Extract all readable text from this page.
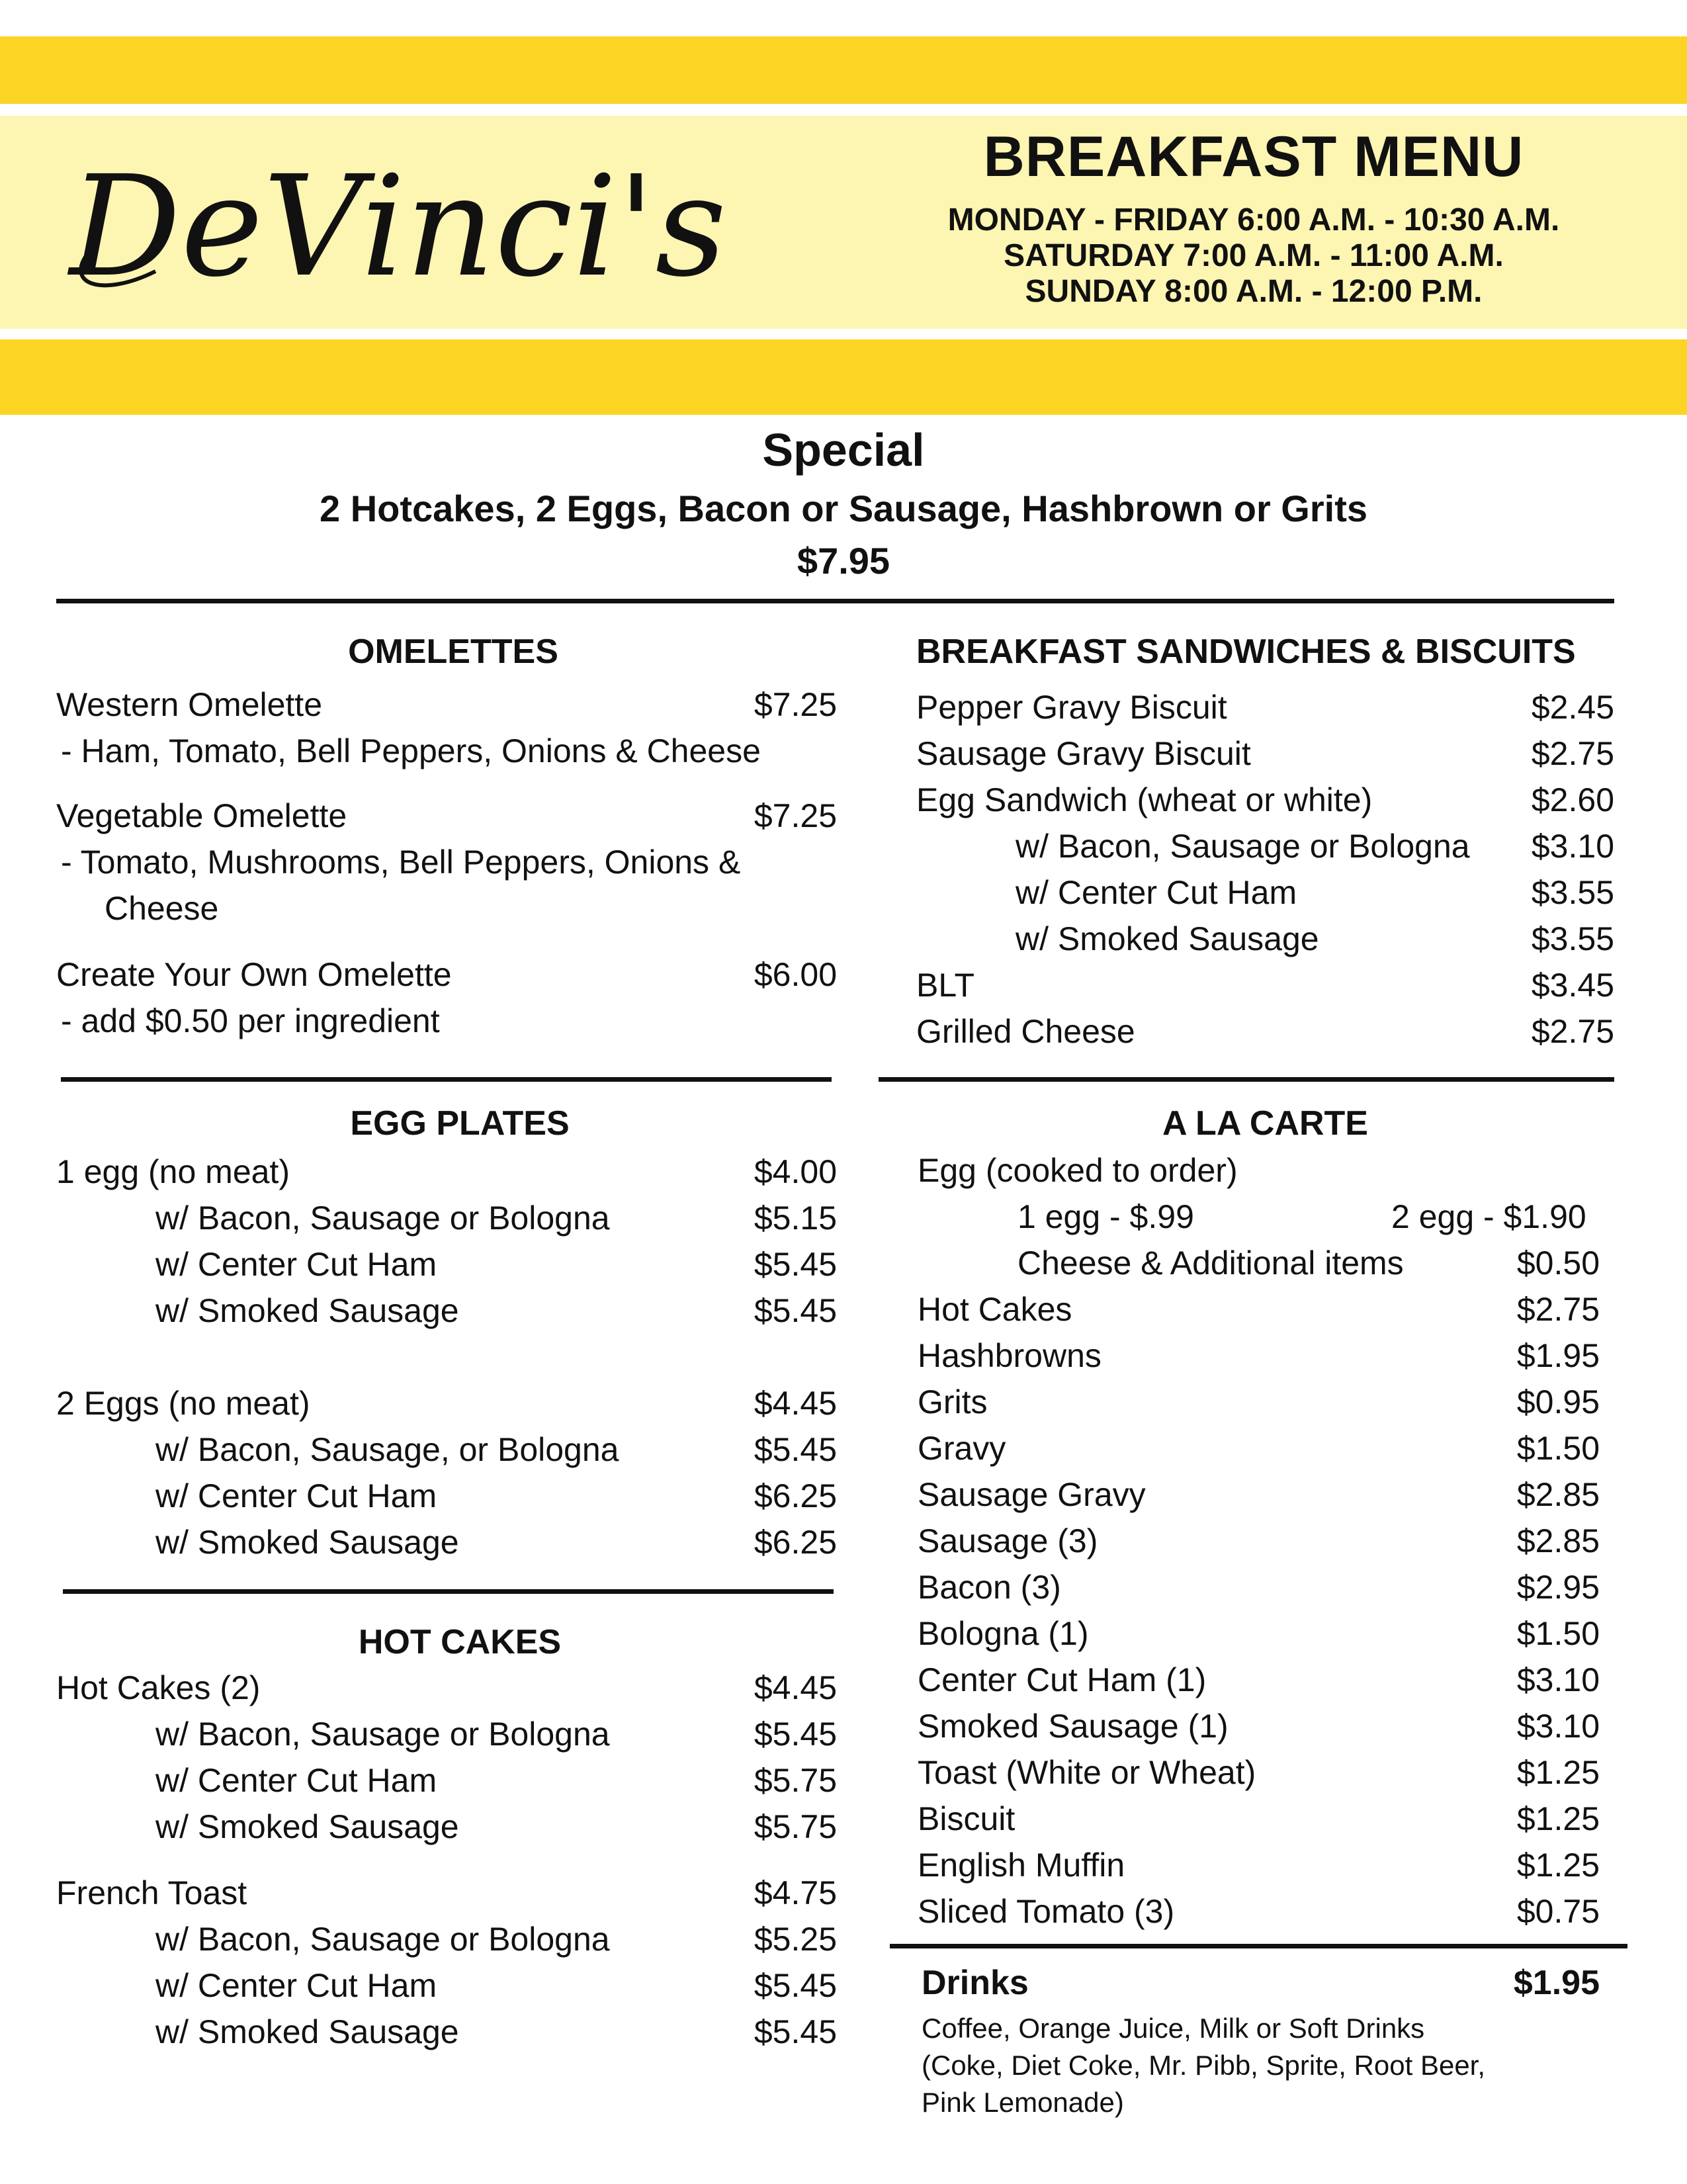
DeVinci's	BREAKFAST MENU
MONDAY - FRIDAY 6:00 A.M. - 10:30 A.M.
SATURDAY 7:00 A.M. - 11:00 A.M.
SUNDAY 8:00 A.M. - 12:00 P.M.
Special
2 Hotcakes, 2 Eggs, Bacon or Sausage, Hashbrown or Grits
$7.95
OMELETTES
Western Omelette	$7.25
- Ham, Tomato, Bell Peppers, Onions & Cheese
Vegetable Omelette	$7.25
- Tomato, Mushrooms, Bell Peppers, Onions &
Cheese
Create Your Own Omelette	$6.00
- add $0.50 per ingredient
EGG PLATES
1 egg (no meat)	$4.00
w/ Bacon, Sausage or Bologna	$5.15
w/ Center Cut Ham	$5.45
w/ Smoked Sausage	$5.45
2 Eggs (no meat)	$4.45
w/ Bacon, Sausage, or Bologna	$5.45
w/ Center Cut Ham	$6.25
w/ Smoked Sausage	$6.25
HOT CAKES
Hot Cakes (2)	$4.45
w/ Bacon, Sausage or Bologna	$5.45
w/ Center Cut Ham	$5.75
w/ Smoked Sausage	$5.75
French Toast	$4.75
w/ Bacon, Sausage or Bologna	$5.25
w/ Center Cut Ham	$5.45
w/ Smoked Sausage	$5.45
BREAKFAST SANDWICHES & BISCUITS
Pepper Gravy Biscuit	$2.45
Sausage Gravy Biscuit	$2.75
Egg Sandwich (wheat or white)	$2.60
w/ Bacon, Sausage or Bologna $3.10
w/ Center Cut Ham	$3.55
w/ Smoked Sausage	$3.55
BLT	$3.45
Grilled Cheese	$2.75
A LA CARTE
Egg (cooked to order)
1 egg - $.99	2 egg - $1.90
Cheese & Additional items	$0.50
Hot Cakes	$2.75
Hashbrowns	$1.95
Grits	$0.95
Gravy	$1.50
Sausage Gravy	$2.85
Sausage (3)	$2.85
Bacon (3)	$2.95
Bologna (1)	$1.50
Center Cut Ham (1)	$3.10
Smoked Sausage (1)	$3.10
Toast (White or Wheat)	$1.25
Biscuit	$1.25
English Muffin	$1.25
Sliced Tomato (3)	$0.75
Drinks	$1.95
Coffee, Orange Juice, Milk or Soft Drinks
(Coke, Diet Coke, Mr. Pibb, Sprite, Root Beer,
Pink Lemonade)
